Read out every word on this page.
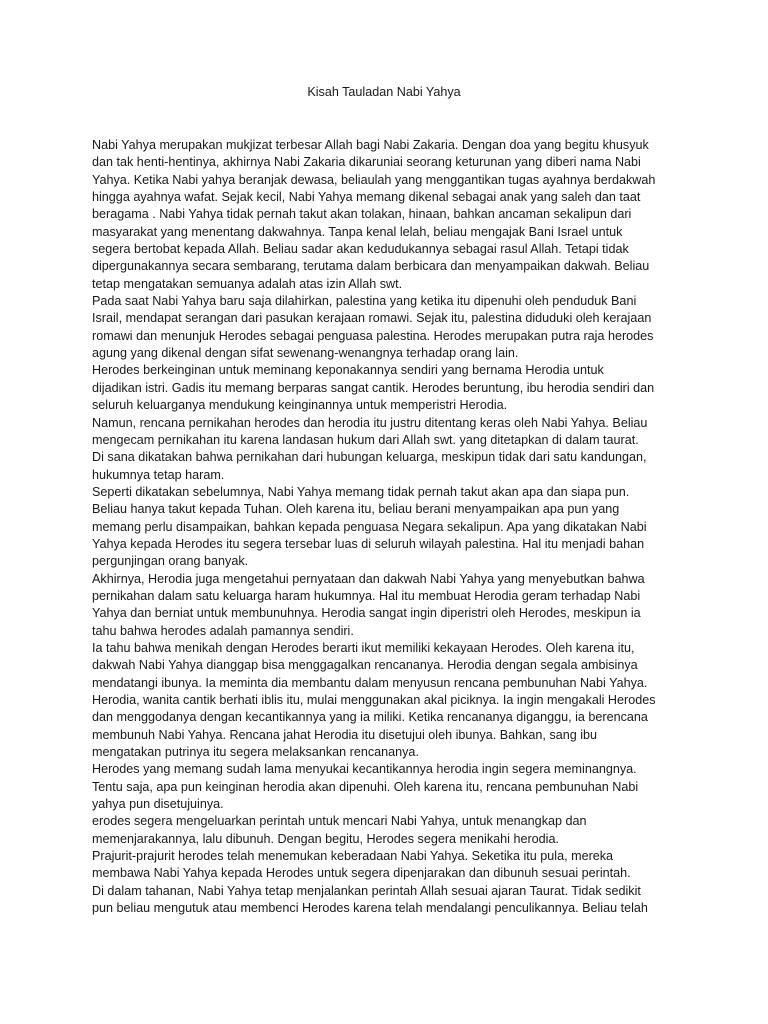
Kisah Tauladan Nabi Yahya
Nabi Yahya merupakan mukjizat terbesar Allah bagi Nabi Zakaria. Dengan doa yang begitu khusyuk
dan tak henti-hentinya, akhirnya Nabi Zakaria dikaruniai seorang keturunan yang diberi nama Nabi
Yahya. Ketika Nabi yahya beranjak dewasa, beliaulah yang menggantikan tugas ayahnya berdakwah
hingga ayahnya wafat. Sejak kecil, Nabi Yahya memang dikenal sebagai anak yang saleh dan taat
beragama . Nabi Yahya tidak pernah takut akan tolakan, hinaan, bahkan ancaman sekalipun dari
masyarakat yang menentang dakwahnya. Tanpa kenal lelah, beliau mengajak Bani Israel untuk
segera bertobat kepada Allah. Beliau sadar akan kedudukannya sebagai rasul Allah. Tetapi tidak
dipergunakannya secara sembarang, terutama dalam berbicara dan menyampaikan dakwah. Beliau
tetap mengatakan semuanya adalah atas izin Allah swt.
Pada saat Nabi Yahya baru saja dilahirkan, palestina yang ketika itu dipenuhi oleh penduduk Bani
Israil, mendapat serangan dari pasukan kerajaan romawi. Sejak itu, palestina diduduki oleh kerajaan
romawi dan menunjuk Herodes sebagai penguasa palestina. Herodes merupakan putra raja herodes
agung yang dikenal dengan sifat sewenang-wenangnya terhadap orang lain.
Herodes berkeinginan untuk meminang keponakannya sendiri yang bernama Herodia untuk
dijadikan istri. Gadis itu memang berparas sangat cantik. Herodes beruntung, ibu herodia sendiri dan
seluruh keluarganya mendukung keinginannya untuk memperistri Herodia.
Namun, rencana pernikahan herodes dan herodia itu justru ditentang keras oleh Nabi Yahya. Beliau
mengecam pernikahan itu karena landasan hukum dari Allah swt. yang ditetapkan di dalam taurat.
Di sana dikatakan bahwa pernikahan dari hubungan keluarga, meskipun tidak dari satu kandungan,
hukumnya tetap haram.
Seperti dikatakan sebelumnya, Nabi Yahya memang tidak pernah takut akan apa dan siapa pun.
Beliau hanya takut kepada Tuhan. Oleh karena itu, beliau berani menyampaikan apa pun yang
memang perlu disampaikan, bahkan kepada penguasa Negara sekalipun. Apa yang dikatakan Nabi
Yahya kepada Herodes itu segera tersebar luas di seluruh wilayah palestina. Hal itu menjadi bahan
pergunjingan orang banyak.
Akhirnya, Herodia juga mengetahui pernyataan dan dakwah Nabi Yahya yang menyebutkan bahwa
pernikahan dalam satu keluarga haram hukumnya. Hal itu membuat Herodia geram terhadap Nabi
Yahya dan berniat untuk membunuhnya. Herodia sangat ingin diperistri oleh Herodes, meskipun ia
tahu bahwa herodes adalah pamannya sendiri.
Ia tahu bahwa menikah dengan Herodes berarti ikut memiliki kekayaan Herodes. Oleh karena itu,
dakwah Nabi Yahya dianggap bisa menggagalkan rencananya. Herodia dengan segala ambisinya
mendatangi ibunya. Ia meminta dia membantu dalam menyusun rencana pembunuhan Nabi Yahya.
Herodia, wanita cantik berhati iblis itu, mulai menggunakan akal piciknya. Ia ingin mengakali Herodes
dan menggodanya dengan kecantikannya yang ia miliki. Ketika rencananya diganggu, ia berencana
membunuh Nabi Yahya. Rencana jahat Herodia itu disetujui oleh ibunya. Bahkan, sang ibu
mengatakan putrinya itu segera melaksankan rencananya.
Herodes yang memang sudah lama menyukai kecantikannya herodia ingin segera meminangnya.
Tentu saja, apa pun keinginan herodia akan dipenuhi. Oleh karena itu, rencana pembunuhan Nabi
yahya pun disetujuinya.
erodes segera mengeluarkan perintah untuk mencari Nabi Yahya, untuk menangkap dan
memenjarakannya, lalu dibunuh. Dengan begitu, Herodes segera menikahi herodia.
Prajurit-prajurit herodes telah menemukan keberadaan Nabi Yahya. Seketika itu pula, mereka
membawa Nabi Yahya kepada Herodes untuk segera dipenjarakan dan dibunuh sesuai perintah.
Di dalam tahanan, Nabi Yahya tetap menjalankan perintah Allah sesuai ajaran Taurat. Tidak sedikit
pun beliau mengutuk atau membenci Herodes karena telah mendalangi penculikannya. Beliau telah
